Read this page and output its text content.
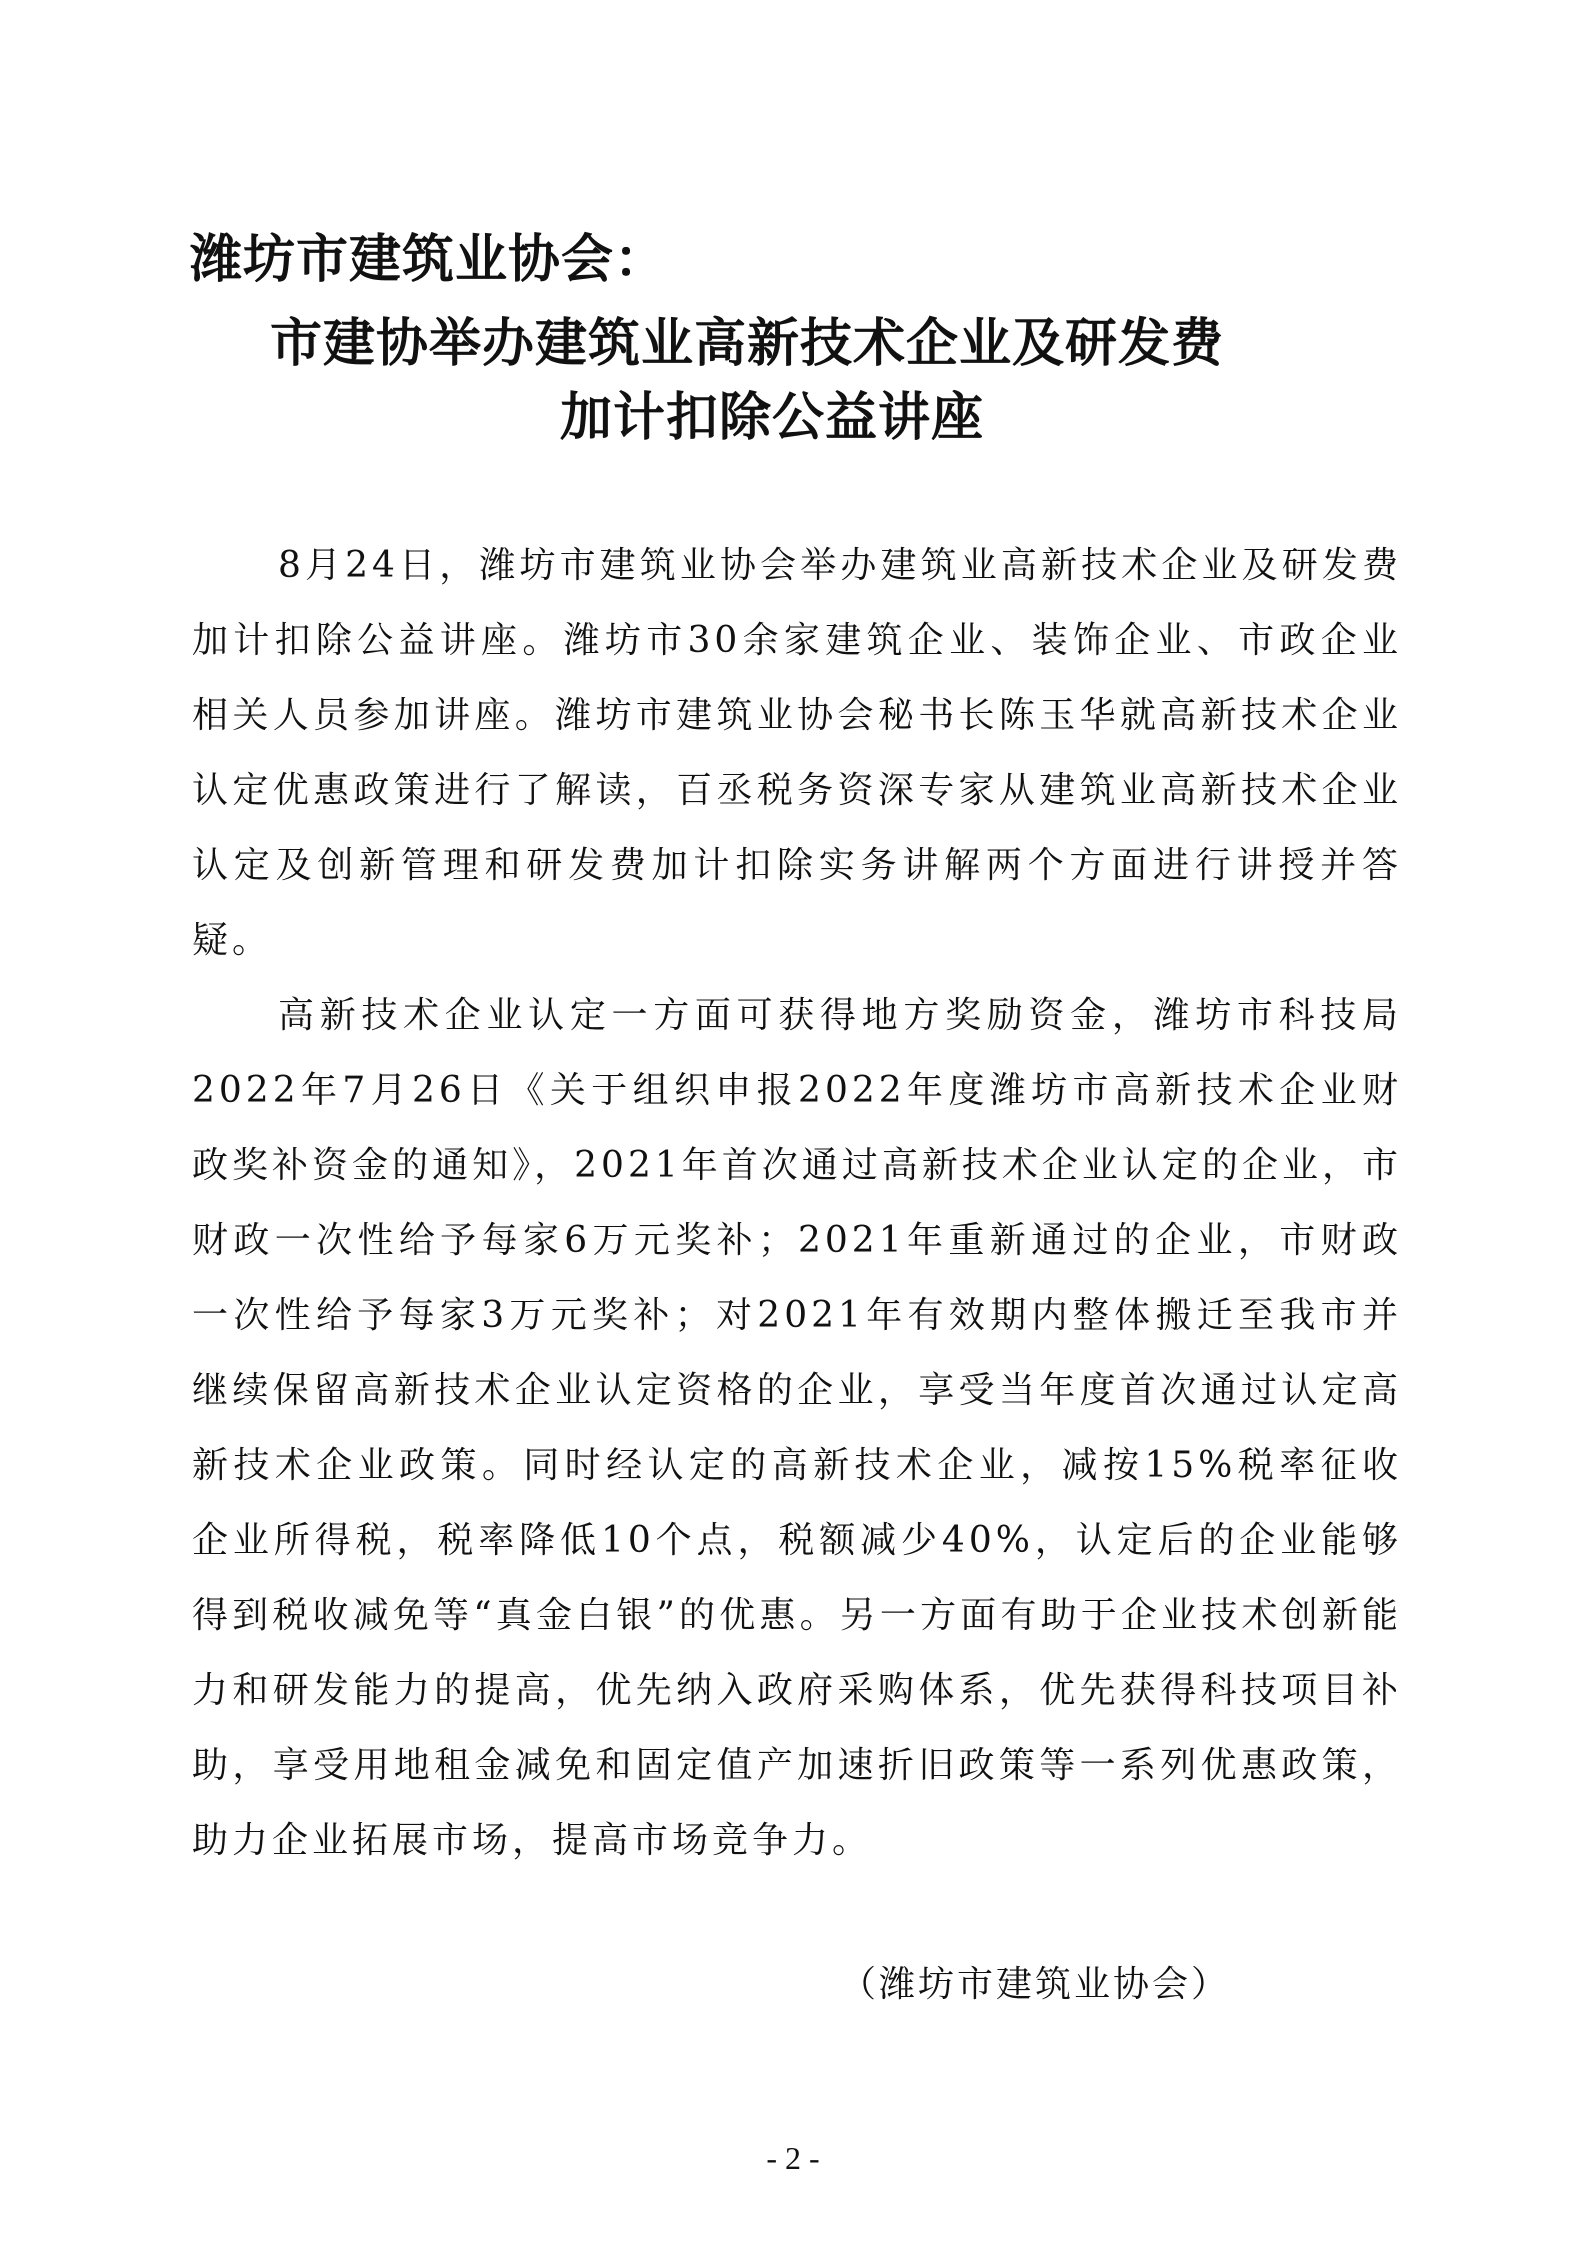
潍坊市建筑业协会：
市建协举办建筑业高新技术企业及研发费
加计扣除公益讲座

8月24日，潍坊市建筑业协会举办建筑业高新技术企业及研发费加计扣除公益讲座。潍坊市30余家建筑企业、装饰企业、市政企业相关人员参加讲座。潍坊市建筑业协会秘书长陈玉华就高新技术企业认定优惠政策进行了解读，百丞税务资深专家从建筑业高新技术企业认定及创新管理和研发费加计扣除实务讲解两个方面进行讲授并答疑。

高新技术企业认定一方面可获得地方奖励资金，潍坊市科技局2022年7月26日《关于组织申报2022年度潍坊市高新技术企业财政奖补资金的通知》，2021年首次通过高新技术企业认定的企业，市财政一次性给予每家6万元奖补；2021年重新通过的企业，市财政一次性给予每家3万元奖补；对2021年有效期内整体搬迁至我市并继续保留高新技术企业认定资格的企业，享受当年度首次通过认定高新技术企业政策。同时经认定的高新技术企业，减按15%税率征收企业所得税，税率降低10个点，税额减少40%，认定后的企业能够得到税收减免等“真金白银”的优惠。另一方面有助于企业技术创新能力和研发能力的提高，优先纳入政府采购体系，优先获得科技项目补助，享受用地租金减免和固定值产加速折旧政策等一系列优惠政策，助力企业拓展市场，提高市场竞争力。

（潍坊市建筑业协会）

- 2 -
